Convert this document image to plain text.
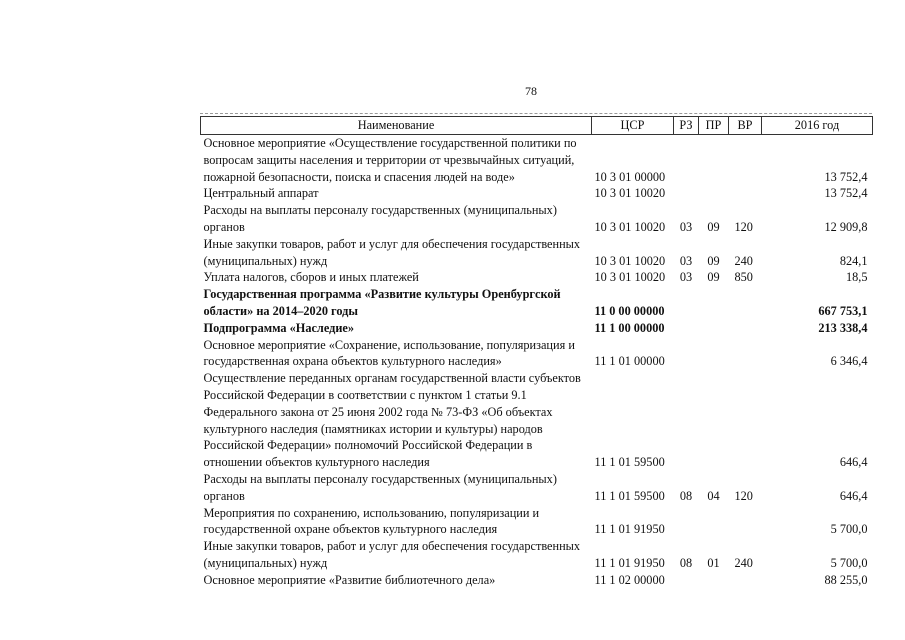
78
Наименование	ЦСР	РЗ	ПР	ВР	2016 год
Основное мероприятие «Осуществление государственной политики по вопросам защиты населения и территории от чрезвычайных ситуаций, пожарной безопасности, поиска и спасения людей на воде»	10 3 01 00000				13 752,4
Центральный аппарат	10 3 01 10020				13 752,4
Расходы на выплаты персоналу государственных (муниципальных) органов	10 3 01 10020	03	09	120	12 909,8
Иные закупки товаров, работ и услуг для обеспечения государственных (муниципальных) нужд	10 3 01 10020	03	09	240	824,1
Уплата налогов, сборов и иных платежей	10 3 01 10020	03	09	850	18,5
Государственная программа «Развитие культуры Оренбургской области» на 2014–2020 годы	11 0 00 00000				667 753,1
Подпрограмма «Наследие»	11 1 00 00000				213 338,4
Основное мероприятие «Сохранение, использование, популяризация и государственная охрана объектов культурного наследия»	11 1 01 00000				6 346,4
Осуществление переданных органам государственной власти субъектов Российской Федерации в соответствии с пунктом 1 статьи 9.1 Федерального закона от 25 июня 2002 года № 73-ФЗ «Об объектах культурного наследия (памятниках истории и культуры) народов Российской Федерации» полномочий Российской Федерации в отношении объектов культурного наследия	11 1 01 59500				646,4
Расходы на выплаты персоналу государственных (муниципальных) органов	11 1 01 59500	08	04	120	646,4
Мероприятия по сохранению, использованию, популяризации и государственной охране объектов культурного наследия	11 1 01 91950				5 700,0
Иные закупки товаров, работ и услуг для обеспечения государственных (муниципальных) нужд	11 1 01 91950	08	01	240	5 700,0
Основное мероприятие «Развитие библиотечного дела»	11 1 02 00000				88 255,0
